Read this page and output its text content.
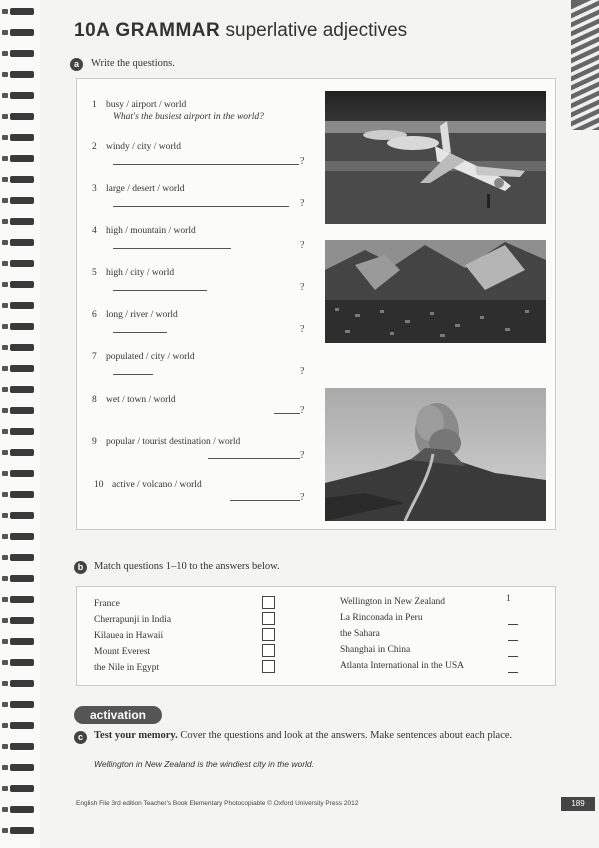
10A GRAMMAR superlative adjectives
a	Write the questions.
1 busy / airport / world
What's the busiest airport in the world?
2 windy / city / world
?
3 large / desert / world
?
4 high / mountain / world
?
5 high / city / world
?
6 long / river / world
?
7 populated / city / world
?
8 wet / town / world
?
9 popular / tourist destination / world
?
10 active / volcano / world
?
b	Match questions 1–10 to the answers below.
France
Cherrapunji in India
Kilauea in Hawaii
Mount Everest
the Nile in Egypt
Wellington in New Zealand
La Rinconada in Peru
the Sahara
Shanghai in China
Atlanta International in the USA
1
activation
c	Test your memory. Cover the questions and look at the answers. Make sentences about each place.
Wellington in New Zealand is the windiest city in the world.
English File 3rd edition Teacher's Book Elementary Photocopiable © Oxford University Press 2012	189
